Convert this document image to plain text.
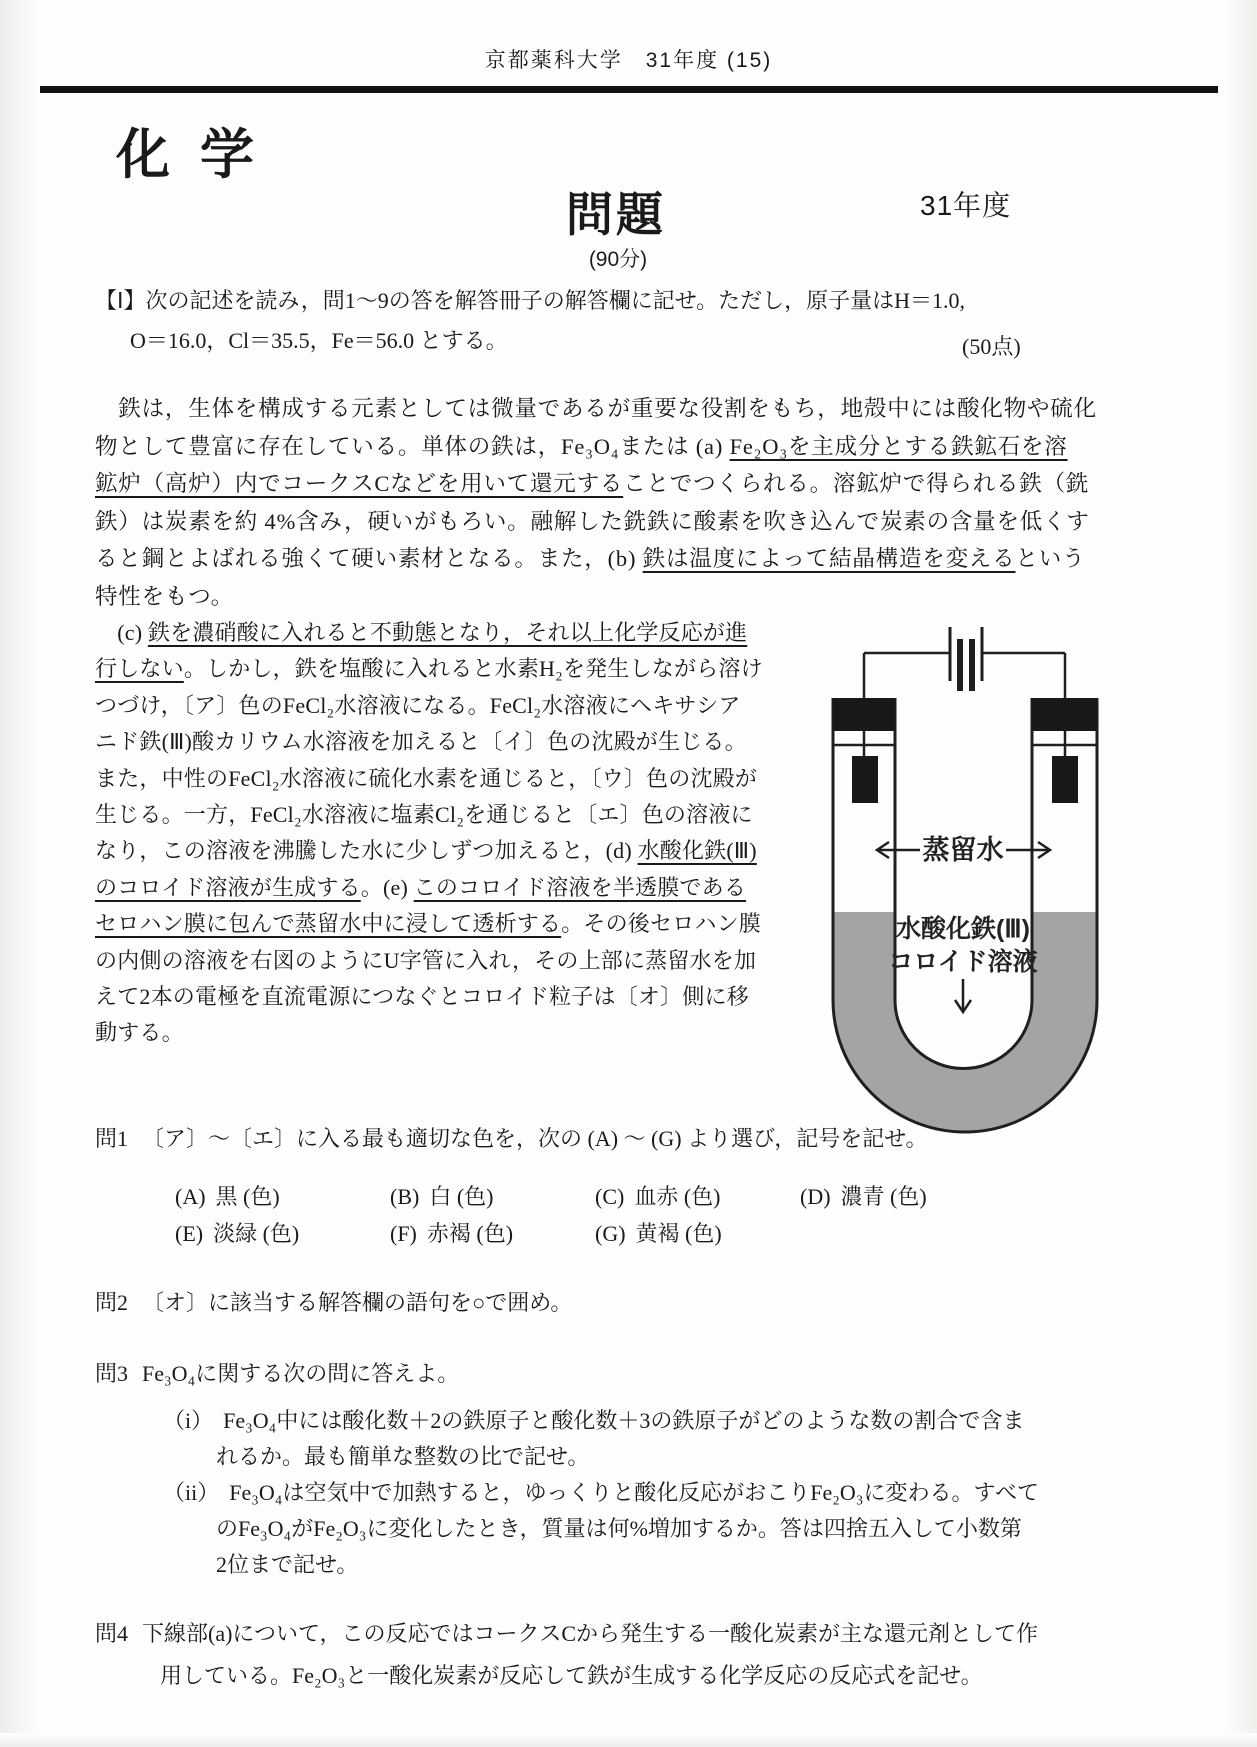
京都薬科大学　31年度 (15)
化学
問題
(90分)
31年度
【Ⅰ】次の記述を読み，問1～9の答を解答冊子の解答欄に記せ。ただし，原子量はH＝1.0,
O＝16.0，Cl＝35.5，Fe＝56.0 とする。	(50点)
　鉄は，生体を構成する元素としては微量であるが重要な役割をもち，地殻中には酸化物や硫化
物として豊富に存在している。単体の鉄は，Fe₃O₄または (a) Fe₂O₃を主成分とする鉄鉱石を溶
鉱炉（高炉）内でコークスCなどを用いて還元することでつくられる。溶鉱炉で得られる鉄（銑
鉄）は炭素を約 4%含み，硬いがもろい。融解した銑鉄に酸素を吹き込んで炭素の含量を低くす
ると鋼とよばれる強くて硬い素材となる。また，(b) 鉄は温度によって結晶構造を変えるという
特性をもつ。
　(c) 鉄を濃硝酸に入れると不動態となり，それ以上化学反応が進
行しない。しかし，鉄を塩酸に入れると水素H₂を発生しながら溶け
つづけ，〔ア〕色のFeCl₂水溶液になる。FeCl₂水溶液にヘキサシア
ニド鉄(Ⅲ)酸カリウム水溶液を加えると〔イ〕色の沈殿が生じる。
また，中性のFeCl₂水溶液に硫化水素を通じると，〔ウ〕色の沈殿が
生じる。一方，FeCl₂水溶液に塩素Cl₂を通じると〔エ〕色の溶液に
なり，この溶液を沸騰した水に少しずつ加えると，(d) 水酸化鉄(Ⅲ)
のコロイド溶液が生成する。(e) このコロイド溶液を半透膜である
セロハン膜に包んで蒸留水中に浸して透析する。その後セロハン膜
の内側の溶液を右図のようにU字管に入れ，その上部に蒸留水を加
えて2本の電極を直流電源につなぐとコロイド粒子は〔オ〕側に移
動する。
蒸留水
水酸化鉄(Ⅲ)
コロイド溶液
問1 〔ア〕～〔エ〕に入る最も適切な色を，次の (A) ～ (G) より選び，記号を記せ。
(A) 黒 (色)	(B) 白 (色)	(C) 血赤 (色)	(D) 濃青 (色)
(E) 淡緑 (色)	(F) 赤褐 (色)	(G) 黄褐 (色)
問2 〔オ〕に該当する解答欄の語句を○で囲め。
問3 Fe₃O₄に関する次の問に答えよ。
（i） Fe₃O₄中には酸化数＋2の鉄原子と酸化数＋3の鉄原子がどのような数の割合で含ま
れるか。最も簡単な整数の比で記せ。
（ii） Fe₃O₄は空気中で加熱すると，ゆっくりと酸化反応がおこりFe₂O₃に変わる。すべて
のFe₃O₄がFe₂O₃に変化したとき，質量は何%増加するか。答は四捨五入して小数第
2位まで記せ。
問4 下線部(a)について，この反応ではコークスCから発生する一酸化炭素が主な還元剤として作
用している。Fe₂O₃と一酸化炭素が反応して鉄が生成する化学反応の反応式を記せ。
